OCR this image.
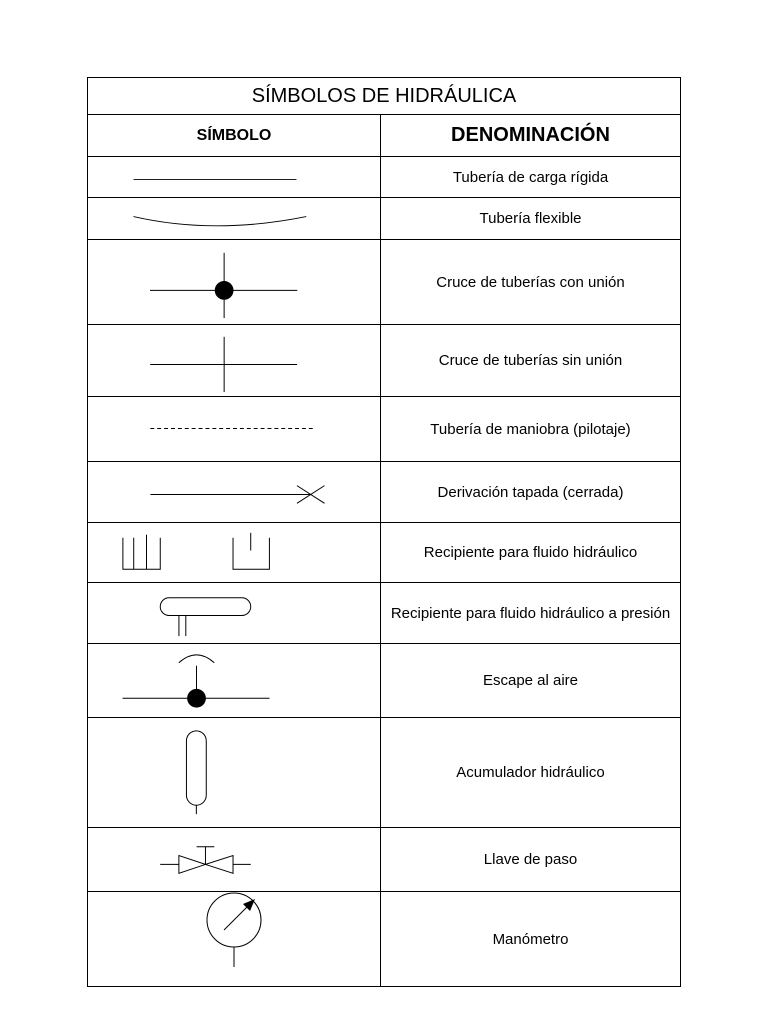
SÍMBOLOS DE HIDRÁULICA
SÍMBOLO	DENOMINACIÓN
Tubería de carga rígida
Tubería flexible
Cruce de tuberías con unión
Cruce de tuberías sin unión
Tubería de maniobra (pilotaje)
Derivación tapada (cerrada)
Recipiente para fluido hidráulico
Recipiente para fluido hidráulico a presión
Escape al aire
Acumulador hidráulico
Llave de paso
Manómetro
